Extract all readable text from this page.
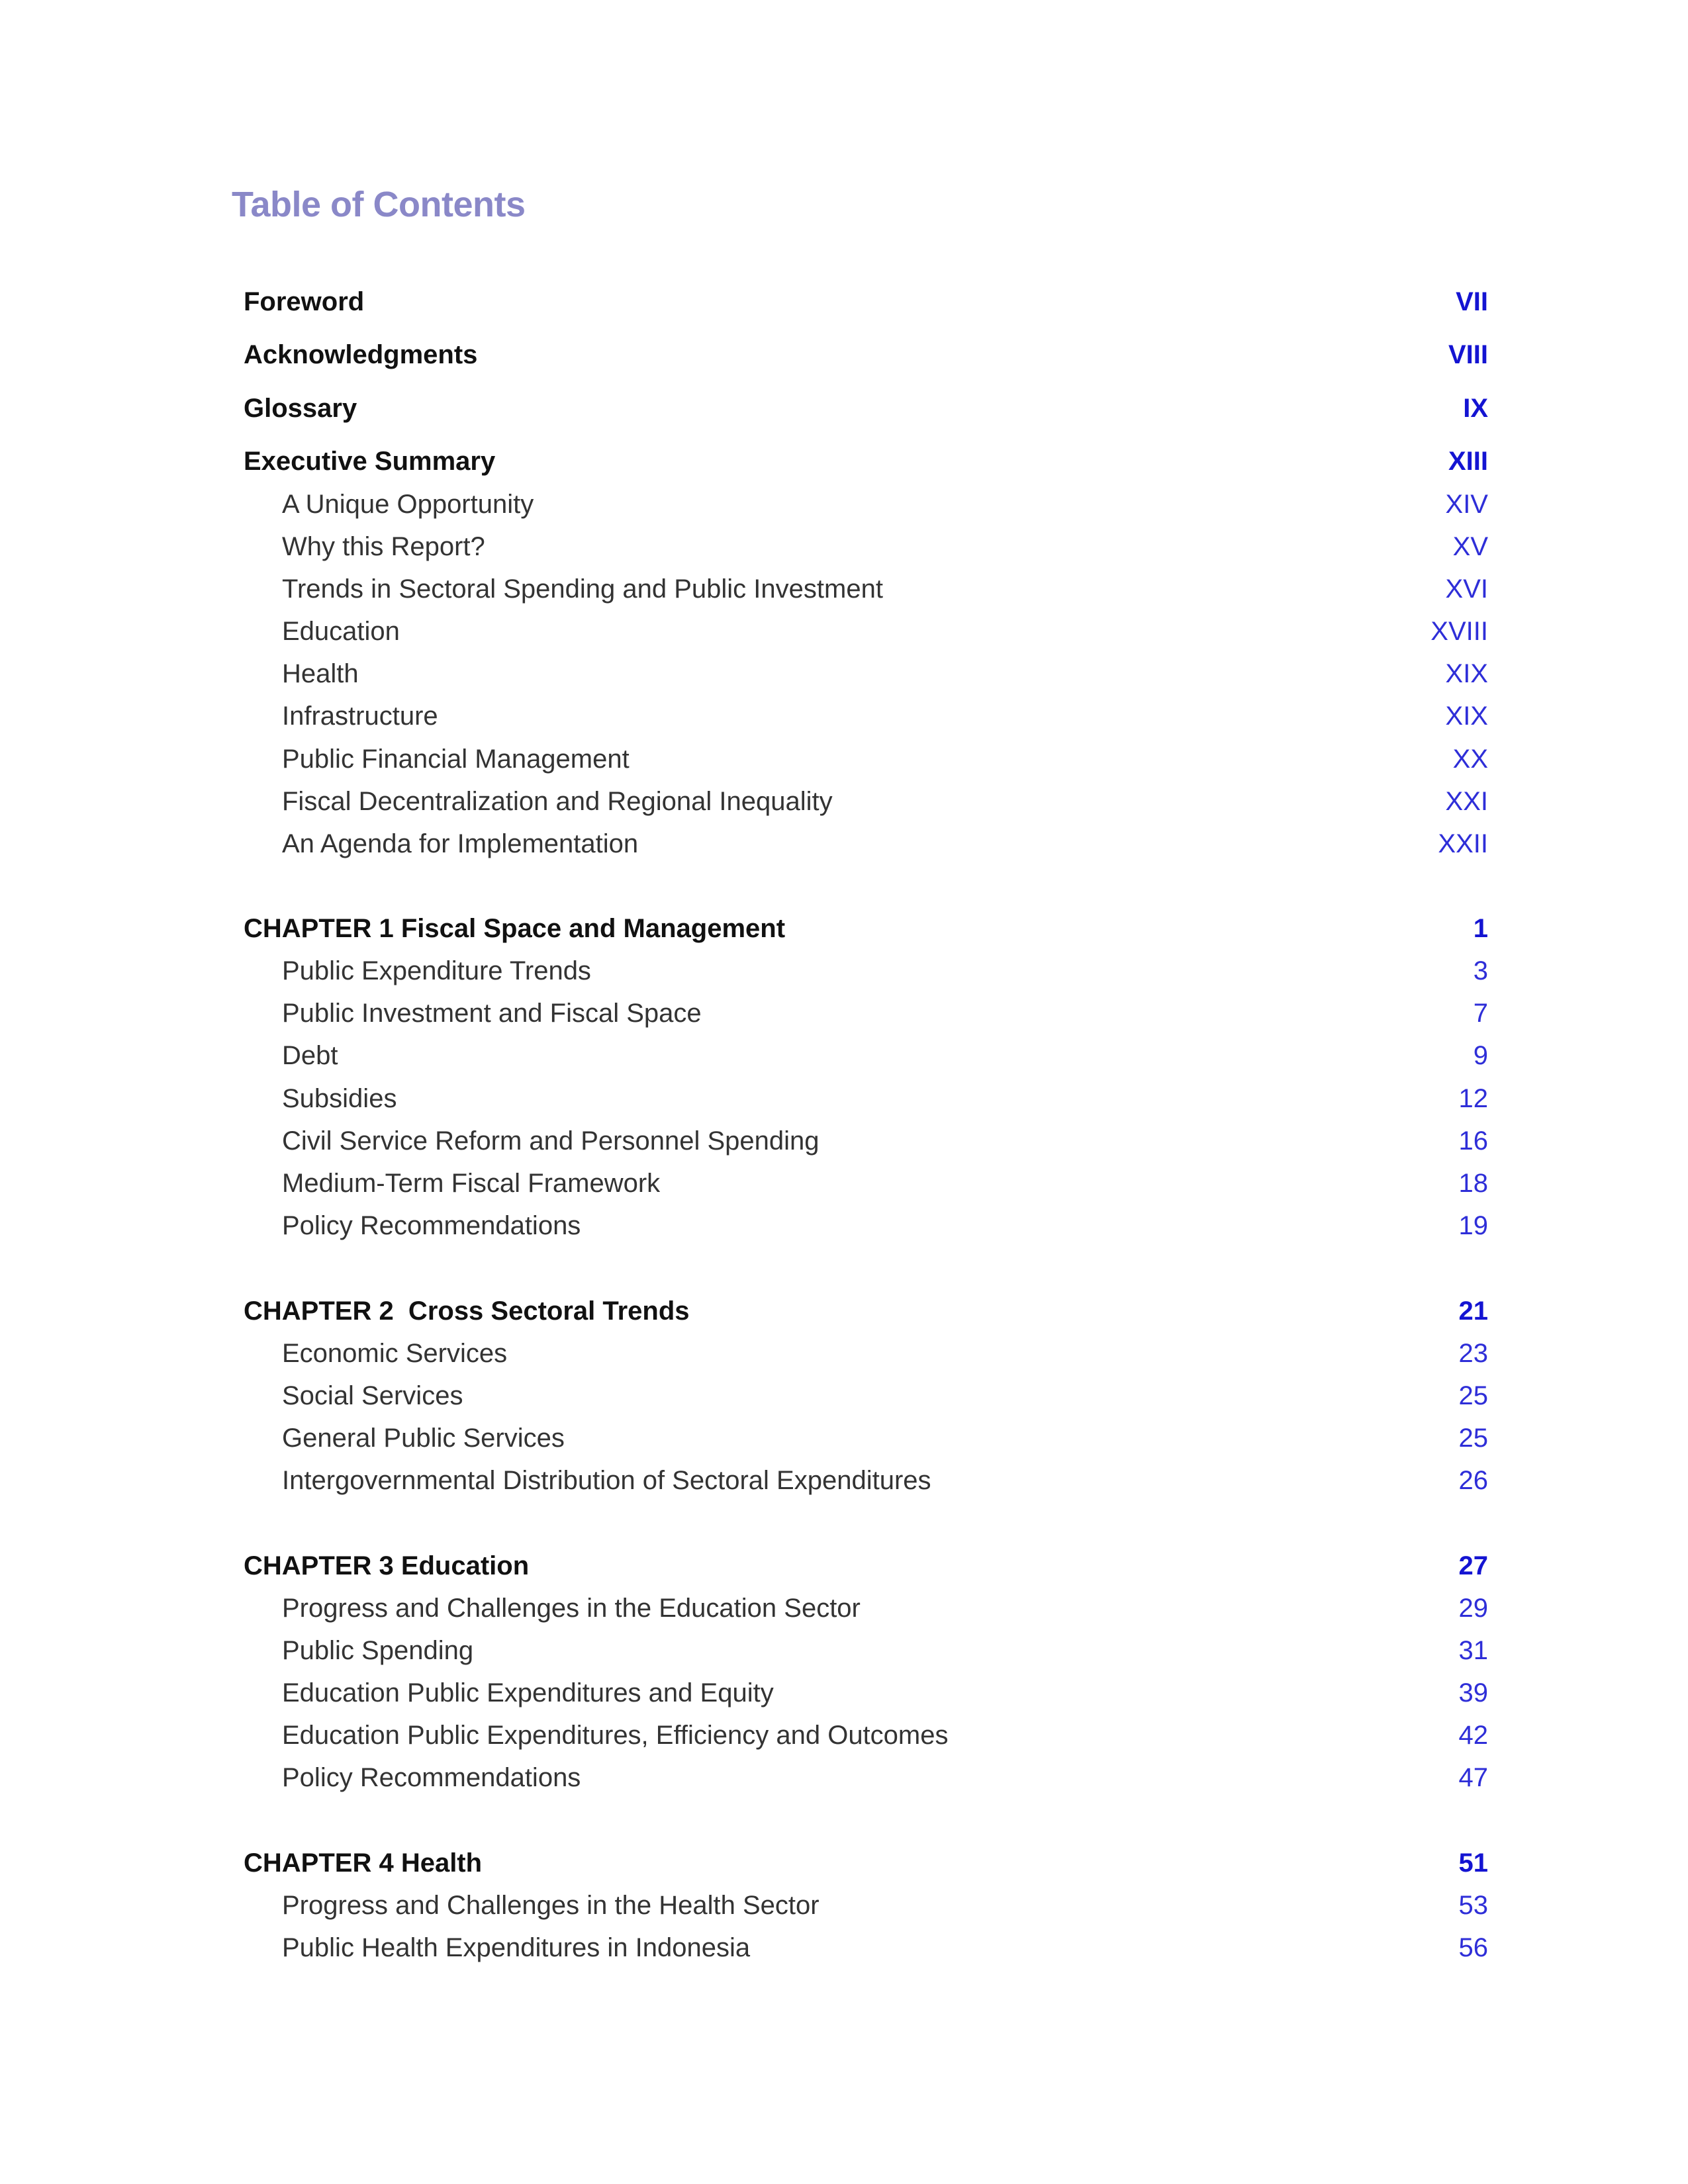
Table of Contents
Foreword	VII
Acknowledgments	VIII
Glossary	IX
Executive Summary	XIII
A Unique Opportunity	XIV
Why this Report?	XV
Trends in Sectoral Spending and Public Investment	XVI
Education	XVIII
Health	XIX
Infrastructure	XIX
Public Financial Management	XX
Fiscal Decentralization and Regional Inequality	XXI
An Agenda for Implementation	XXII
CHAPTER 1 Fiscal Space and Management	1
Public Expenditure Trends	3
Public Investment and Fiscal Space	7
Debt	9
Subsidies	12
Civil Service Reform and Personnel Spending	16
Medium-Term Fiscal Framework	18
Policy Recommendations	19
CHAPTER 2  Cross Sectoral Trends	21
Economic Services	23
Social Services	25
General Public Services	25
Intergovernmental Distribution of Sectoral Expenditures	26
CHAPTER 3 Education	27
Progress and Challenges in the Education Sector	29
Public Spending	31
Education Public Expenditures and Equity	39
Education Public Expenditures, Efficiency and Outcomes	42
Policy Recommendations	47
CHAPTER 4 Health	51
Progress and Challenges in the Health Sector	53
Public Health Expenditures in Indonesia	56
